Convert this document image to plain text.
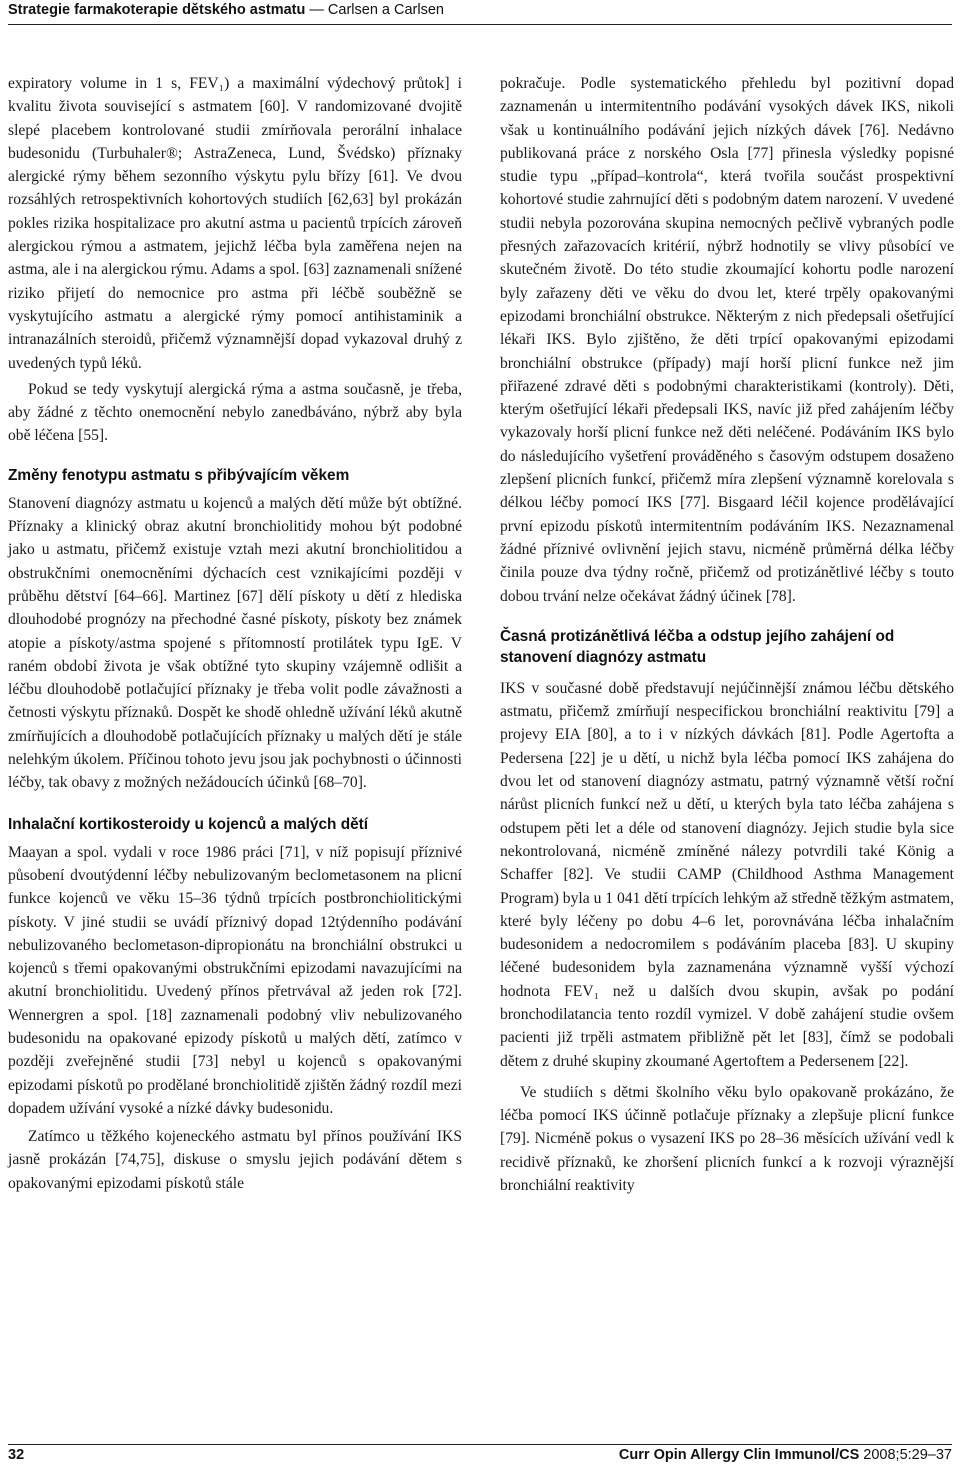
Strategie farmakoterapie dětského astmatu — Carlsen a Carlsen

expiratory volume in 1 s, FEV₁) a maximální výdechový průtok] i kvalitu života související s astmatem [60]. V randomizované dvojitě slepé placebem kontrolované studii zmírňovala perorální inhalace budesonidu (Turbuhaler®; AstraZeneca, Lund, Švédsko) příznaky alergické rýmy během sezonního výskytu pylu břízy [61]. Ve dvou rozsáhlých retrospektivních kohortových studiích [62,63] byl prokázán pokles rizika hospitalizace pro akutní astma u pacientů trpících zároveň alergickou rýmou a astmatem, jejichž léčba byla zaměřena nejen na astma, ale i na alergickou rýmu. Adams a spol. [63] zaznamenali snížené riziko přijetí do nemocnice pro astma při léčbě souběžně se vyskytujícího astmatu a alergické rýmy pomocí antihistaminik a intranazálních steroidů, přičemž významnější dopad vykazoval druhý z uvedených typů léků.

Pokud se tedy vyskytují alergická rýma a astma současně, je třeba, aby žádné z těchto onemocnění nebylo zanedbáváno, nýbrž aby byla obě léčena [55].

Změny fenotypu astmatu s přibývajícím věkem

Stanovení diagnózy astmatu u kojenců a malých dětí může být obtížné. Příznaky a klinický obraz akutní bronchiolitidy mohou být podobné jako u astmatu, přičemž existuje vztah mezi akutní bronchiolitidou a obstrukčními onemocněními dýchacích cest vznikajícími později v průběhu dětství [64–66]. Martinez [67] dělí pískoty u dětí z hlediska dlouhodobé prognózy na přechodné časné pískoty, pískoty bez známek atopie a pískoty/astma spojené s přítomností protilátek typu IgE. V raném období života je však obtížné tyto skupiny vzájemně odlišit a léčbu dlouhodobě potlačující příznaky je třeba volit podle závažnosti a četnosti výskytu příznaků. Dospět ke shodě ohledně užívání léků akutně zmírňujících a dlouhodobě potlačujících příznaky u malých dětí je stále nelehkým úkolem. Příčinou tohoto jevu jsou jak pochybnosti o účinnosti léčby, tak obavy z možných nežádoucích účinků [68–70].

Inhalační kortikosteroidy u kojenců a malých dětí

Maayan a spol. vydali v roce 1986 práci [71], v níž popisují příznivé působení dvoutýdenní léčby nebulizovaným beclometasonem na plicní funkce kojenců ve věku 15–36 týdnů trpících postbronchiolitickými pískoty. V jiné studii se uvádí příznivý dopad 12týdenního podávání nebulizovaného beclometason-dipropionátu na bronchiální obstrukci u kojenců s třemi opakovanými obstrukčními epizodami navazujícími na akutní bronchiolitidu. Uvedený přínos přetrvával až jeden rok [72]. Wennergren a spol. [18] zaznamenali podobný vliv nebulizovaného budesonidu na opakované epizody pískotů u malých dětí, zatímco v později zveřejněné studii [73] nebyl u kojenců s opakovanými epizodami pískotů po prodělané bronchiolitidě zjištěn žádný rozdíl mezi dopadem užívání vysoké a nízké dávky budesonidu.

Zatímco u těžkého kojeneckého astmatu byl přínos používání IKS jasně prokázán [74,75], diskuse o smyslu jejich podávání dětem s opakovanými epizodami pískotů stále

pokračuje. Podle systematického přehledu byl pozitivní dopad zaznamenán u intermitentního podávání vysokých dávek IKS, nikoli však u kontinuálního podávání jejich nízkých dávek [76]. Nedávno publikovaná práce z norského Osla [77] přinesla výsledky popisné studie typu „případ–kontrola“, která tvořila součást prospektivní kohortové studie zahrnující děti s podobným datem narození. V uvedené studii nebyla pozorována skupina nemocných pečlivě vybraných podle přesných zařazovacích kritérií, nýbrž hodnotily se vlivy působící ve skutečném životě. Do této studie zkoumající kohortu podle narození byly zařazeny děti ve věku do dvou let, které trpěly opakovanými epizodami bronchiální obstrukce. Některým z nich předepsali ošetřující lékaři IKS. Bylo zjištěno, že děti trpící opakovanými epizodami bronchiální obstrukce (případy) mají horší plicní funkce než jim přiřazené zdravé děti s podobnými charakteristikami (kontroly). Děti, kterým ošetřující lékaři předepsali IKS, navíc již před zahájením léčby vykazovaly horší plicní funkce než děti neléčené. Podáváním IKS bylo do následujícího vyšetření prováděného s časovým odstupem dosaženo zlepšení plicních funkcí, přičemž míra zlepšení významně korelovala s délkou léčby pomocí IKS [77]. Bisgaard léčil kojence prodělávající první epizodu pískotů intermitentním podáváním IKS. Nezaznamenal žádné příznivé ovlivnění jejich stavu, nicméně průměrná délka léčby činila pouze dva týdny ročně, přičemž od protizánětlivé léčby s touto dobou trvání nelze očekávat žádný účinek [78].

Časná protizánětlivá léčba a odstup jejího zahájení od stanovení diagnózy astmatu

IKS v současné době představují nejúčinnější známou léčbu dětského astmatu, přičemž zmírňují nespecifickou bronchiální reaktivitu [79] a projevy EIA [80], a to i v nízkých dávkách [81]. Podle Agertofta a Pedersena [22] je u dětí, u nichž byla léčba pomocí IKS zahájena do dvou let od stanovení diagnózy astmatu, patrný významně větší roční nárůst plicních funkcí než u dětí, u kterých byla tato léčba zahájena s odstupem pěti let a déle od stanovení diagnózy. Jejich studie byla sice nekontrolovaná, nicméně zmíněné nálezy potvrdili také König a Schaffer [82]. Ve studii CAMP (Childhood Asthma Management Program) byla u 1 041 dětí trpících lehkým až středně těžkým astmatem, které byly léčeny po dobu 4–6 let, porovnávána léčba inhalačním budesonidem a nedocromilem s podáváním placeba [83]. U skupiny léčené budesonidem byla zaznamenána významně vyšší výchozí hodnota FEV₁ než u dalších dvou skupin, avšak po podání bronchodilatancia tento rozdíl vymizel. V době zahájení studie ovšem pacienti již trpěli astmatem přibližně pět let [83], čímž se podobali dětem z druhé skupiny zkoumané Agertoftem a Pedersenem [22].

Ve studiích s dětmi školního věku bylo opakovaně prokázáno, že léčba pomocí IKS účinně potlačuje příznaky a zlepšuje plicní funkce [79]. Nicméně pokus o vysazení IKS po 28–36 měsících užívání vedl k recidivě příznaků, ke zhoršení plicních funkcí a k rozvoji výraznější bronchiální reaktivity

32	Curr Opin Allergy Clin Immunol/CS 2008;5:29–37
